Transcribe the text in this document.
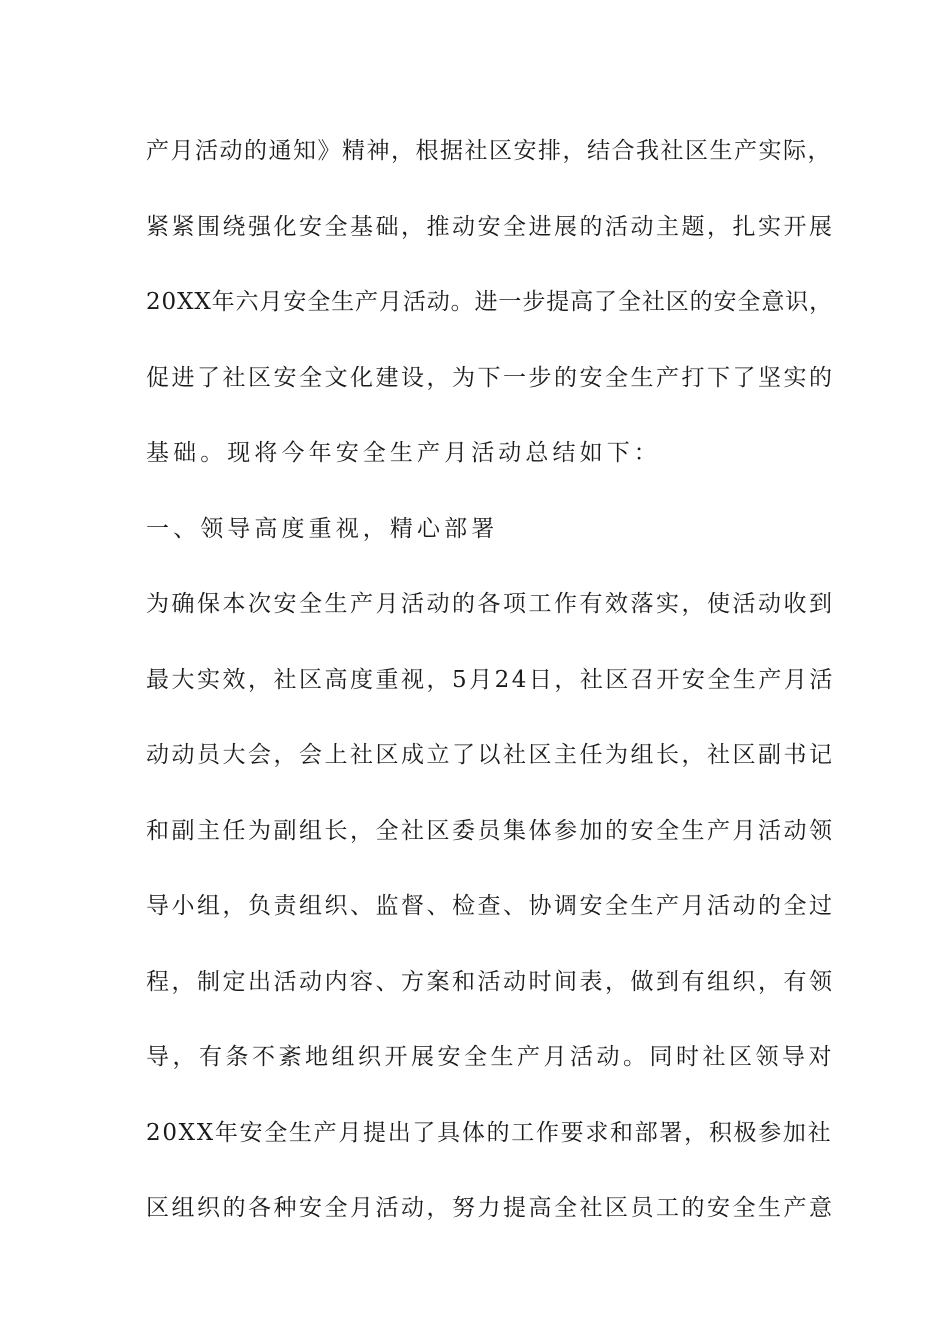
产月活动的通知》精神，根据社区安排，结合我社区生产实际，
紧紧围绕强化安全基础，推动安全进展的活动主题，扎实开展
20XX年六月安全生产月活动。进一步提高了全社区的安全意识，
促进了社区安全文化建设，为下一步的安全生产打下了坚实的
基础。现将今年安全生产月活动总结如下：
一、领导高度重视，精心部署
为确保本次安全生产月活动的各项工作有效落实，使活动收到
最大实效，社区高度重视，5月24日，社区召开安全生产月活
动动员大会，会上社区成立了以社区主任为组长，社区副书记
和副主任为副组长，全社区委员集体参加的安全生产月活动领
导小组，负责组织、监督、检查、协调安全生产月活动的全过
程，制定出活动内容、方案和活动时间表，做到有组织，有领
导，有条不紊地组织开展安全生产月活动。同时社区领导对
20XX年安全生产月提出了具体的工作要求和部署，积极参加社
区组织的各种安全月活动，努力提高全社区员工的安全生产意
